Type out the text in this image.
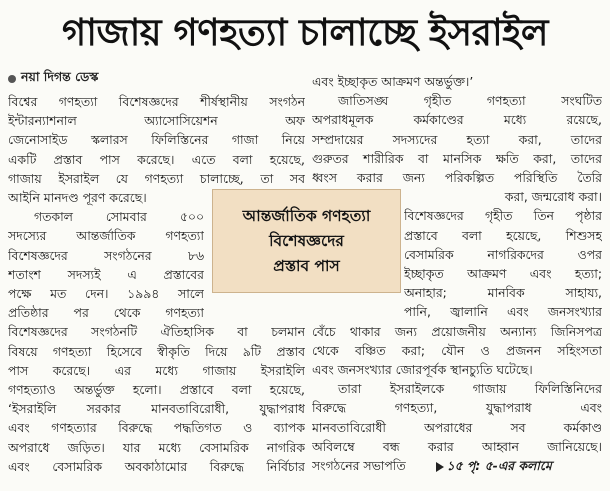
গাজায় গণহত্যা চালাচ্ছে ইসরাইল
নয়া দিগন্ত ডেস্ক

বিশ্বের গণহত্যা বিশেষজ্ঞদের শীর্ষস্থানীয় সংগঠন
ইন্টারন্যাশনাল অ্যাসোসিয়েশন অফ
জেনোসাইড স্কলারস ফিলিস্তিনের গাজা নিয়ে
একটি প্রস্তাব পাস করেছে। এতে বলা হয়েছে,
গাজায় ইসরাইল যে গণহত্যা চালাচ্ছে, তা সব
আইনি মানদণ্ড পূরণ করেছে।

গতকাল সোমবার ৫০০
সদস্যের আন্তর্জাতিক গণহত্যা
বিশেষজ্ঞদের সংগঠনের ৮৬
শতাংশ সদস্যই এ প্রস্তাবের
পক্ষে মত দেন। ১৯৯৪ সালে
প্রতিষ্ঠার পর থেকে গণহত্যা
বিশেষজ্ঞদের সংগঠনটি ঐতিহাসিক বা চলমান
বিষয়ে গণহত্যা হিসেবে স্বীকৃতি দিয়ে ৯টি প্রস্তাব
পাস করেছে। এর মধ্যে গাজায় ইসরাইলি
গণহত্যাও অন্তর্ভুক্ত হলো। প্রস্তাবে বলা হয়েছে,
‘ইসরাইলি সরকার মানবতাবিরোধী, যুদ্ধাপরাধ
এবং গণহত্যার বিরুদ্ধে পদ্ধতিগত ও ব্যাপক
অপরাধে জড়িত। যার মধ্যে বেসামরিক নাগরিক
এবং বেসামরিক অবকাঠামোর বিরুদ্ধে নির্বিচার
এবং ইচ্ছাকৃত আক্রমণ অন্তর্ভুক্ত।’
জাতিসঙ্ঘ গৃহীত গণহত্যা সংঘটিত
অপরাধমূলক কর্মকাণ্ডের মধ্যে রয়েছে,
সম্প্রদায়ের সদস্যদের হত্যা করা, তাদের
গুরুতর শারীরিক বা মানসিক ক্ষতি করা, তাদের
ধ্বংস করার জন্য পরিকল্পিত পরিস্থিতি তৈরি
করা, জন্মরোধ করা।
বিশেষজ্ঞদের গৃহীত তিন পৃষ্ঠার
প্রস্তাবে বলা হয়েছে, শিশুসহ
বেসামরিক নাগরিকদের ওপর
ইচ্ছাকৃত আক্রমণ এবং হত্যা;
অনাহার; মানবিক সাহায্য,
পানি, জ্বালানি এবং জনসংখ্যার
বেঁচে থাকার জন্য প্রয়োজনীয় অন্যান্য জিনিসপত্র
থেকে বঞ্চিত করা; যৌন ও প্রজনন সহিংসতা
এবং জনসংখ্যার জোরপূর্বক স্থানচ্যুতি ঘটেছে।
তারা ইসরাইলকে গাজায় ফিলিস্তিনিদের
বিরুদ্ধে গণহত্যা, যুদ্ধাপরাধ এবং
মানবতাবিরোধী অপরাধের সব কর্মকাণ্ড
অবিলম্বে বন্ধ করার আহ্বান জানিয়েছে।
সংগঠনের সভাপতি	১৫ পৃ: ৫-এর কলামে
আন্তর্জাতিক গণহত্যা
বিশেষজ্ঞদের
প্রস্তাব পাস
